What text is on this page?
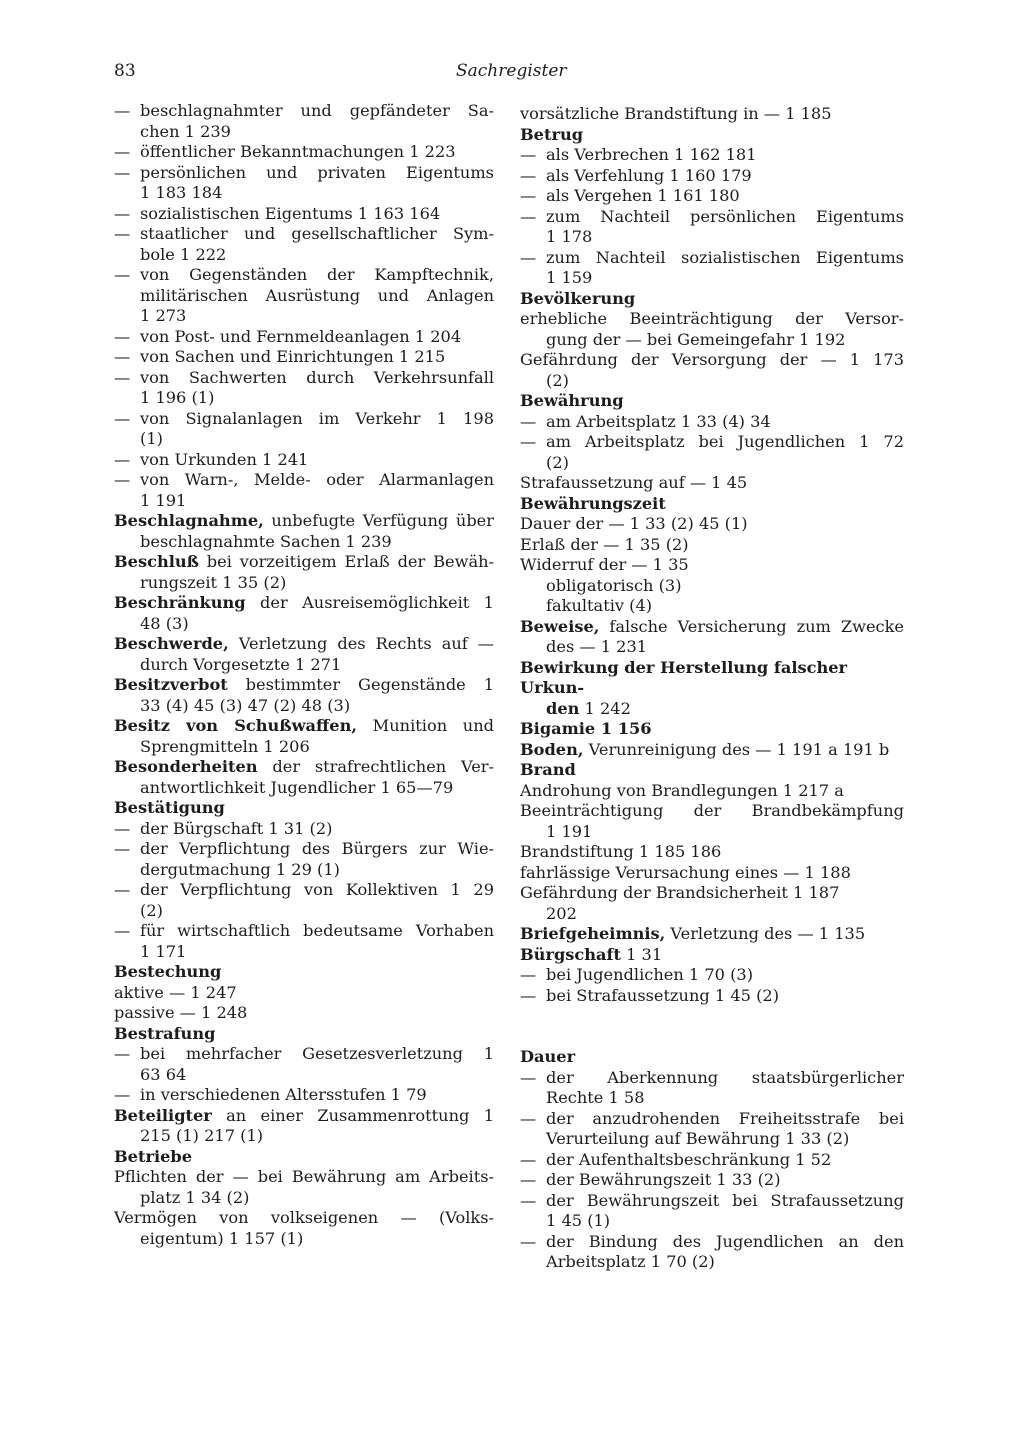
83	Sachregister
— beschlagnahmter und gepfändeter Sa-
chen 1 239
— öffentlicher Bekanntmachungen 1 223
— persönlichen und privaten Eigentums
1 183 184
— sozialistischen Eigentums 1 163 164
— staatlicher und gesellschaftlicher Sym-
bole 1 222
— von Gegenständen der Kampftechnik,
militärischen Ausrüstung und Anlagen
1 273
— von Post- und Fernmeldeanlagen 1 204
— von Sachen und Einrichtungen 1 215
— von Sachwerten durch Verkehrsunfall
1 196 (1)
— von Signalanlagen im Verkehr 1 198
(1)
— von Urkunden 1 241
— von Warn-, Melde- oder Alarmanlagen
1 191
Beschlagnahme, unbefugte Verfügung über
beschlagnahmte Sachen 1 239
Beschluß bei vorzeitigem Erlaß der Bewäh-
rungszeit 1 35 (2)
Beschränkung der Ausreisemöglichkeit 1
48 (3)
Beschwerde, Verletzung des Rechts auf —
durch Vorgesetzte 1 271
Besitzverbot bestimmter Gegenstände 1
33 (4) 45 (3) 47 (2) 48 (3)
Besitz von Schußwaffen, Munition und
Sprengmitteln 1 206
Besonderheiten der strafrechtlichen Ver-
antwortlichkeit Jugendlicher 1 65—79
Bestätigung
— der Bürgschaft 1 31 (2)
— der Verpflichtung des Bürgers zur Wie-
dergutmachung 1 29 (1)
— der Verpflichtung von Kollektiven 1 29
(2)
— für wirtschaftlich bedeutsame Vorhaben
1 171
Bestechung
aktive — 1 247
passive — 1 248
Bestrafung
— bei mehrfacher Gesetzesverletzung 1
63 64
— in verschiedenen Altersstufen 1 79
Beteiligter an einer Zusammenrottung 1
215 (1) 217 (1)
Betriebe
Pflichten der — bei Bewährung am Arbeits-
platz 1 34 (2)
Vermögen von volkseigenen — (Volks-
eigentum) 1 157 (1)
vorsätzliche Brandstiftung in — 1 185
Betrug
— als Verbrechen 1 162 181
— als Verfehlung 1 160 179
— als Vergehen 1 161 180
— zum Nachteil persönlichen Eigentums
1 178
— zum Nachteil sozialistischen Eigentums
1 159
Bevölkerung
erhebliche Beeinträchtigung der Versor-
gung der — bei Gemeingefahr 1 192
Gefährdung der Versorgung der — 1 173
(2)
Bewährung
— am Arbeitsplatz 1 33 (4) 34
— am Arbeitsplatz bei Jugendlichen 1 72
(2)
Strafaussetzung auf — 1 45
Bewährungszeit
Dauer der — 1 33 (2) 45 (1)
Erlaß der — 1 35 (2)
Widerruf der — 1 35
obligatorisch (3)
fakultativ (4)
Beweise, falsche Versicherung zum Zwecke
des — 1 231
Bewirkung der Herstellung falscher Urkun-
den 1 242
Bigamie 1 156
Boden, Verunreinigung des — 1 191 a 191 b
Brand
Androhung von Brandlegungen 1 217 a
Beeinträchtigung der Brandbekämpfung
1 191
Brandstiftung 1 185 186
fahrlässige Verursachung eines — 1 188
Gefährdung der Brandsicherheit 1 187
202
Briefgeheimnis, Verletzung des — 1 135
Bürgschaft 1 31
— bei Jugendlichen 1 70 (3)
— bei Strafaussetzung 1 45 (2)
Dauer
— der Aberkennung staatsbürgerlicher
Rechte 1 58
— der anzudrohenden Freiheitsstrafe bei
Verurteilung auf Bewährung 1 33 (2)
— der Aufenthaltsbeschränkung 1 52
— der Bewährungszeit 1 33 (2)
— der Bewährungszeit bei Strafaussetzung
1 45 (1)
— der Bindung des Jugendlichen an den
Arbeitsplatz 1 70 (2)
